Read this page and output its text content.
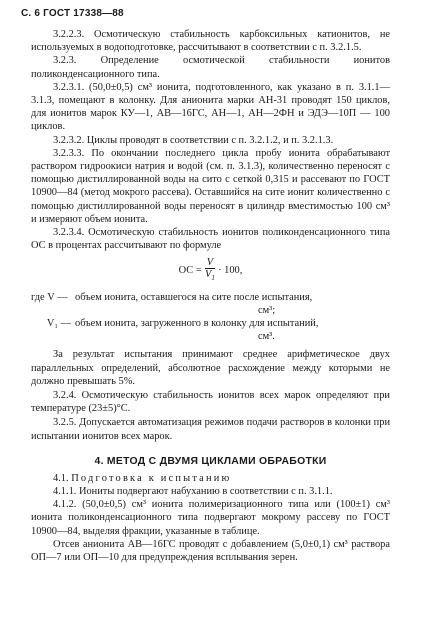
С. 6 ГОСТ 17338—88

3.2.2.3. Осмотическую стабильность карбоксильных катионитов, не используемых в водоподготовке, рассчитывают в соответствии с п. 3.2.1.5.

3.2.3. Определение осмотической стабильности ионитов поликонденсационного типа.

3.2.3.1. (50,0±0,5) см³ ионита, подготовленного, как указано в п. 3.1.1—3.1.3, помещают в колонку. Для анионита марки АН-31 проводят 150 циклов, для ионитов марок КУ—1, АВ—16ГС, АН—1, АН—2ФН и ЭДЭ—10П — 100 циклов.

3.2.3.2. Циклы проводят в соответствии с п. 3.2.1.2, и п. 3.2.1.3.

3.2.3.3. По окончании последнего цикла пробу ионита обрабатывают раствором гидроокиси натрия и водой (см. п. 3.1.3), количественно переносят с помощью дистиллированной воды на сито с сеткой 0,315 и рассевают по ГОСТ 10900—84 (метод мокрого рассева). Оставшийся на сите ионит количественно с помощью дистиллированной воды переносят в цилиндр вместимостью 100 см³ и измеряют объем ионита.

3.2.3.4. Осмотическую стабильность ионитов поликонденсационного типа ОС в процентах рассчитывают по формуле

ОС = $\frac{V}{V_1} \cdot 100$,
где V — объем ионита, оставшегося на сите после испытания,
см³;
V₁ — объем ионита, загруженного в колонку для испытаний,
см³.

За результат испытания принимают среднее арифметическое двух параллельных определений, абсолютное расхождение между которыми не должно превышать 5%.

3.2.4. Осмотическую стабильность ионитов всех марок определяют при температуре (23±5)°С.

3.2.5. Допускается автоматизация режимов подачи растворов в колонки при испытании ионитов всех марок.

4. МЕТОД С ДВУМЯ ЦИКЛАМИ ОБРАБОТКИ

4.1. Подготовка к испытанию

4.1.1. Иониты подвергают набуханию в соответствии с п. 3.1.1.

4.1.2. (50,0±0,5) см³ ионита полимеризационного типа или (100±1) см³ ионита поликонденсационного типа подвергают мокрому рассеву по ГОСТ 10900—84, выделяя фракции, указанные в таблице.

Отсев анионита АВ—16ГС проводят с добавлением (5,0±0,1) см³ раствора ОП—7 или ОП—10 для предупреждения всплывания зерен.
